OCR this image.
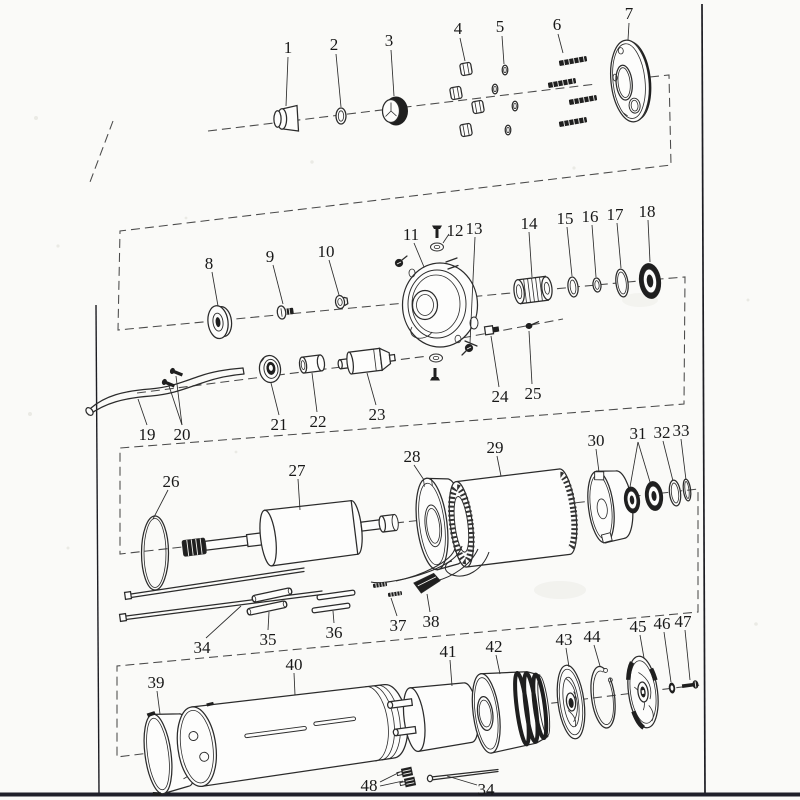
1 2	3
4 5	6
7
8	9	10
11 12 13 14 15 16 17 18
19 20
21 22 23
24 25
26
27
28	29	30 31 32 33
34	35	36	37 38
39
40
41 42	43 44
45 46 47
48	34
